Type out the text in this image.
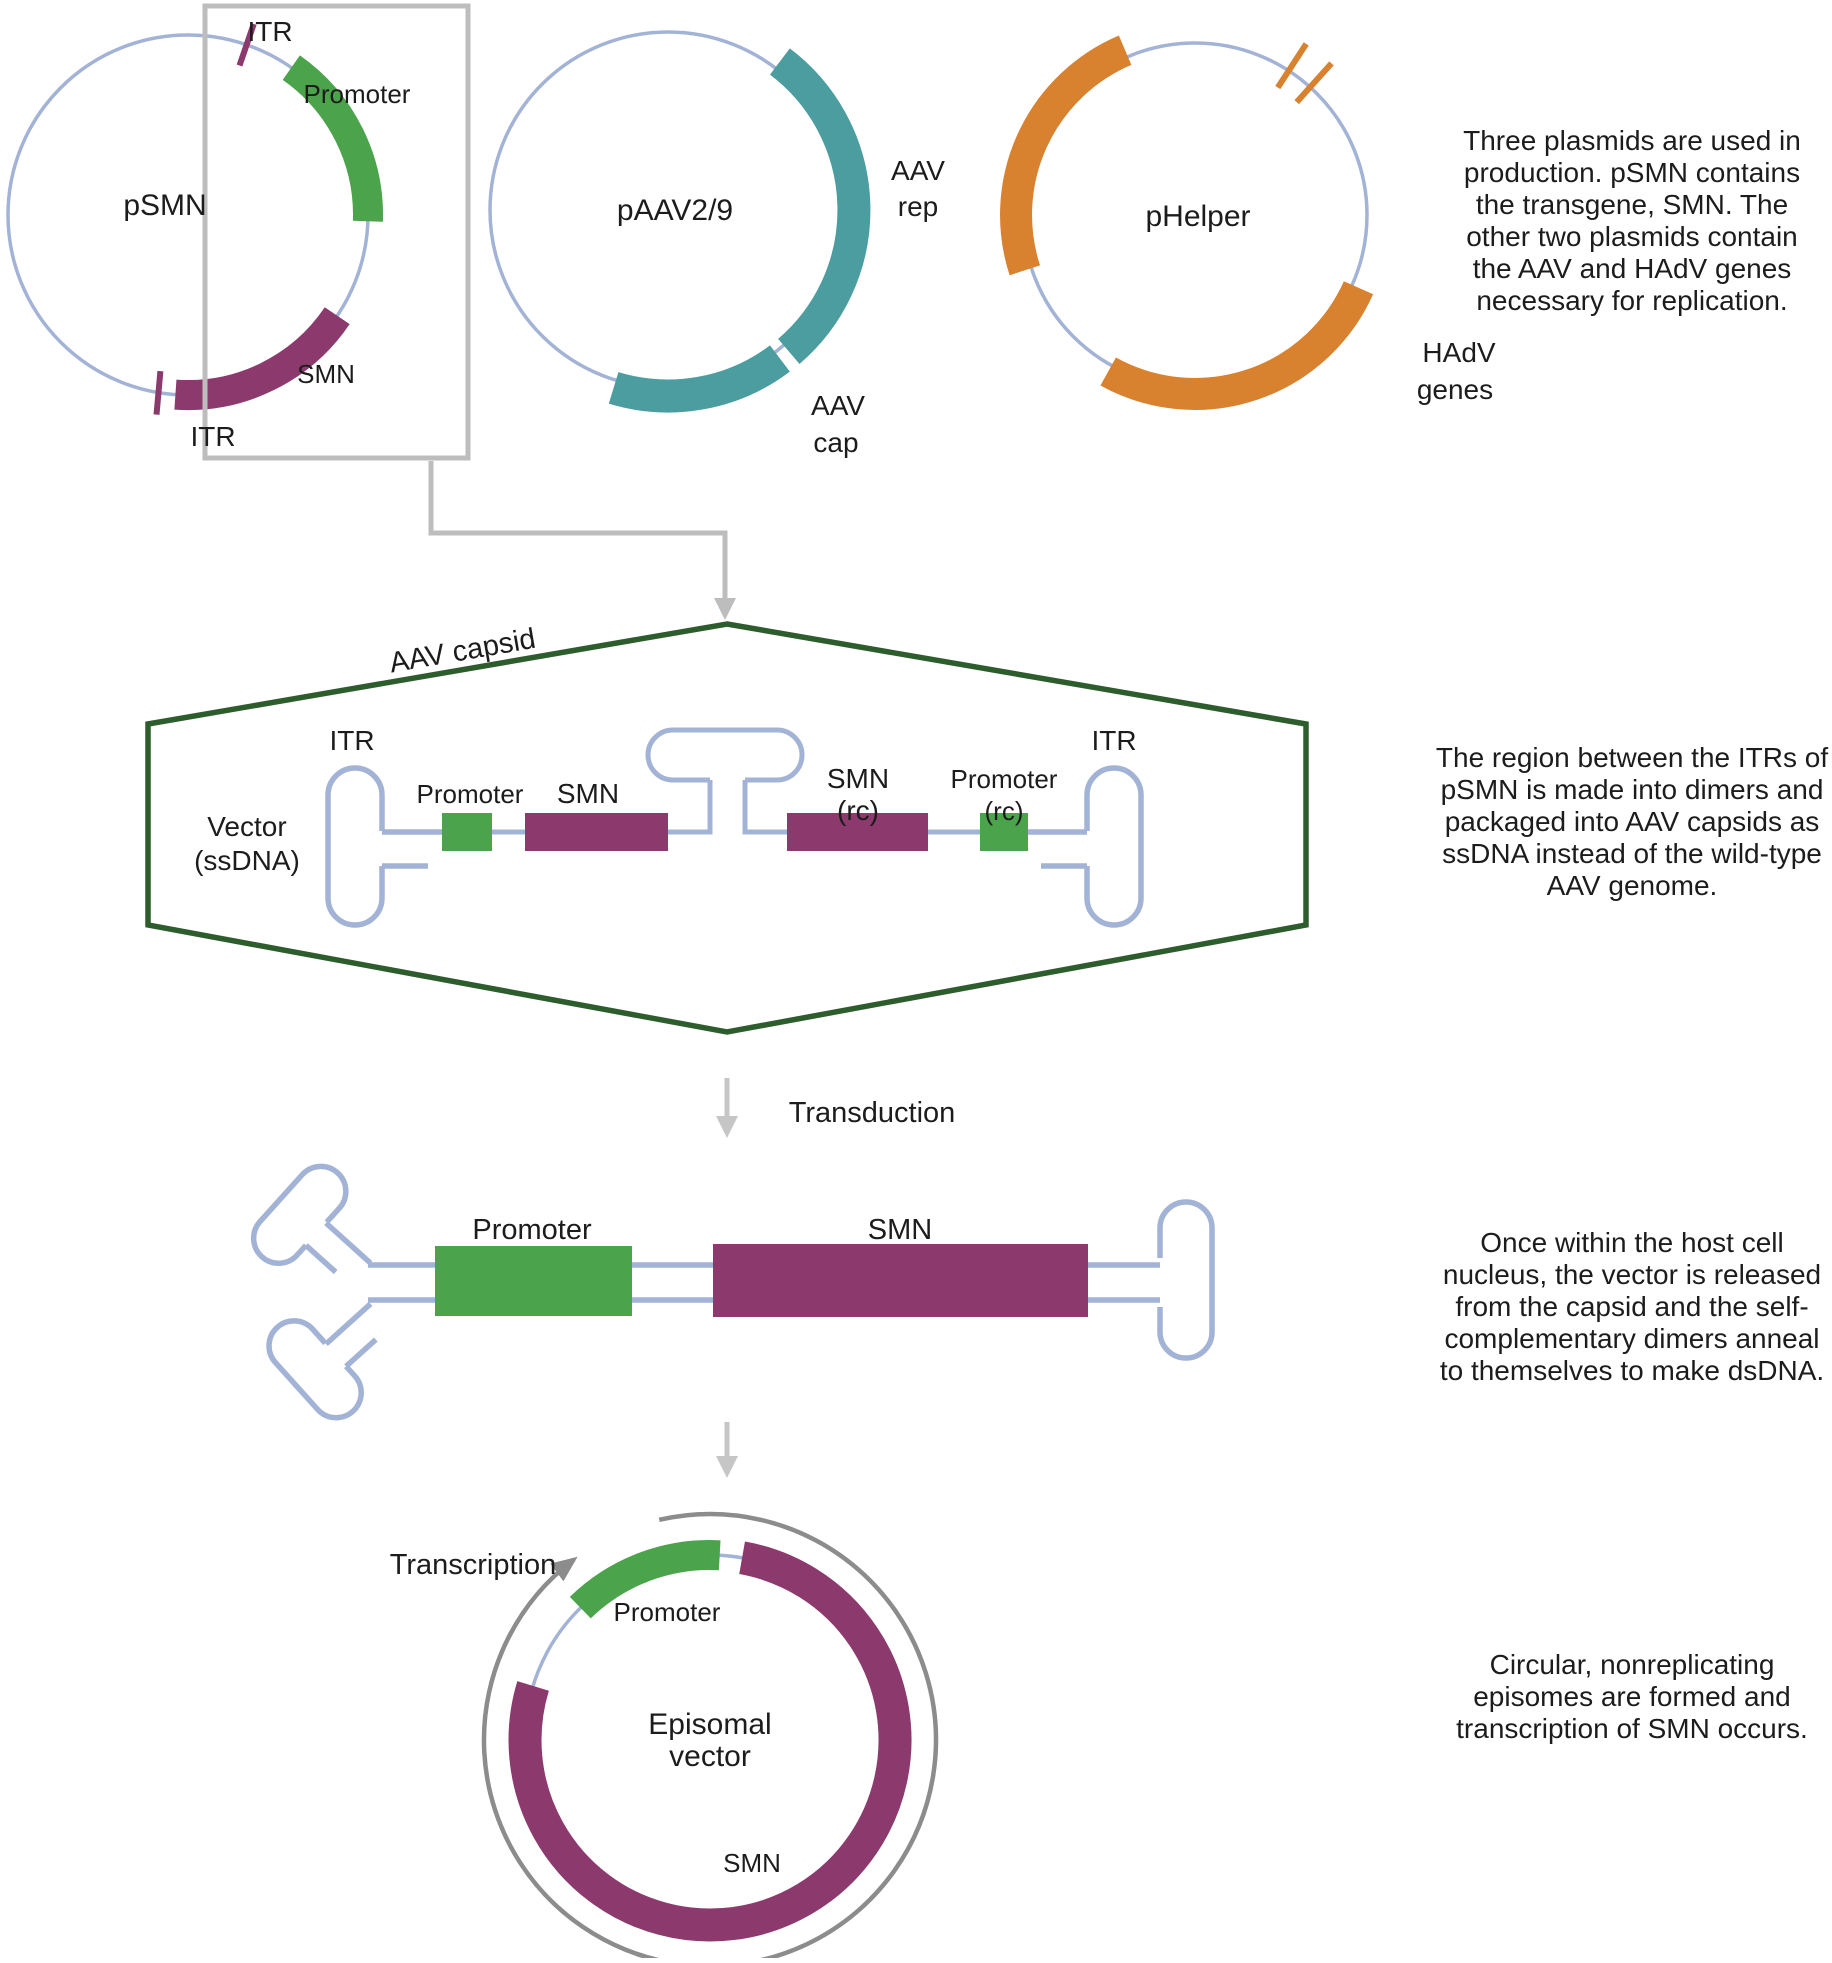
pSMN
ITR
Promoter
SMN
ITR
pAAV2/9
AAV
rep
AAV
cap
pHelper
HAdV
genes
AAV capsid
ITR	ITR
Vector
(ssDNA)
Promoter SMN	SMN
(rc)
Promoter
(rc)
Transduction
Promoter	SMN
Transcription
Promoter
Episomal
vector
SMN
Three plasmids are used in
production. pSMN contains
the transgene, SMN. The
other two plasmids contain
the AAV and HAdV genes
necessary for replication.
The region between the ITRs of
pSMN is made into dimers and
packaged into AAV capsids as
ssDNA instead of the wild-type
AAV genome.
Once within the host cell
nucleus, the vector is released
from the capsid and the self-
complementary dimers anneal
to themselves to make dsDNA.
Circular, nonreplicating
episomes are formed and
transcription of SMN occurs.
